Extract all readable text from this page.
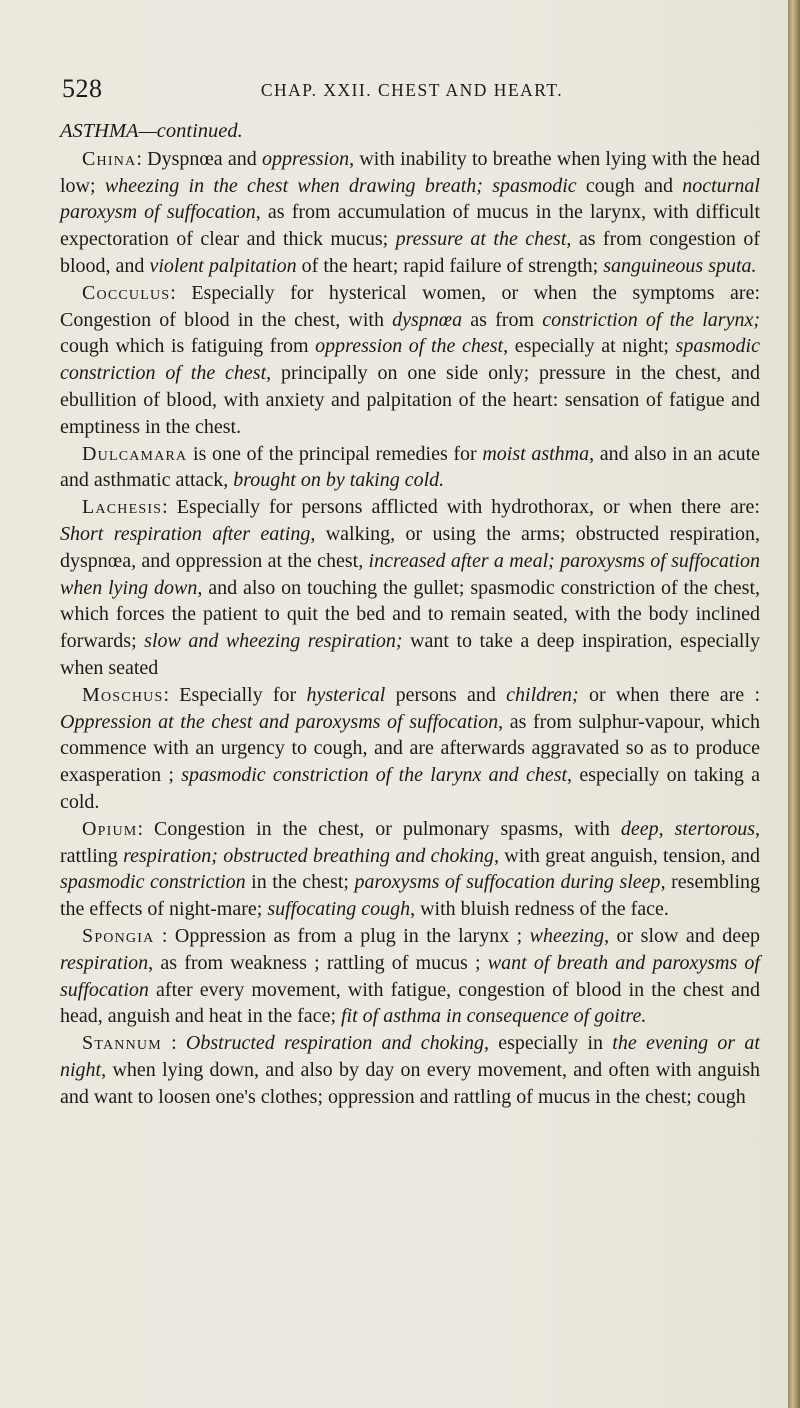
528	CHAP. XXII. CHEST AND HEART.

ASTHMA—continued.

China: Dyspnœa and oppression, with inability to breathe when lying with the head low; wheezing in the chest when drawing breath; spasmodic cough and nocturnal paroxysm of suffocation, as from accumulation of mucus in the larynx, with difficult expectoration of clear and thick mucus; pressure at the chest, as from congestion of blood, and violent palpitation of the heart; rapid failure of strength; sanguineous sputa.

Cocculus: Especially for hysterical women, or when the symptoms are: Congestion of blood in the chest, with dyspnœa as from constriction of the larynx; cough which is fatiguing from oppression of the chest, especially at night; spasmodic constriction of the chest, principally on one side only; pressure in the chest, and ebullition of blood, with anxiety and palpitation of the heart: sensation of fatigue and emptiness in the chest.

Dulcamara is one of the principal remedies for moist asthma, and also in an acute and asthmatic attack, brought on by taking cold.

Lachesis: Especially for persons afflicted with hydrothorax, or when there are: Short respiration after eating, walking, or using the arms; obstructed respiration, dyspnœa, and oppression at the chest, increased after a meal; paroxysms of suffocation when lying down, and also on touching the gullet; spasmodic constriction of the chest, which forces the patient to quit the bed and to remain seated, with the body inclined forwards; slow and wheezing respiration; want to take a deep inspiration, especially when seated

Moschus: Especially for hysterical persons and children; or when there are : Oppression at the chest and paroxysms of suffocation, as from sulphur-vapour, which commence with an urgency to cough, and are afterwards aggravated so as to produce exasperation ; spasmodic constriction of the larynx and chest, especially on taking a cold.

Opium: Congestion in the chest, or pulmonary spasms, with deep, stertorous, rattling respiration; obstructed breathing and choking, with great anguish, tension, and spasmodic constriction in the chest; paroxysms of suffocation during sleep, resembling the effects of night-mare; suffocating cough, with bluish redness of the face.

Spongia : Oppression as from a plug in the larynx ; wheezing, or slow and deep respiration, as from weakness ; rattling of mucus ; want of breath and paroxysms of suffocation after every movement, with fatigue, congestion of blood in the chest and head, anguish and heat in the face; fit of asthma in consequence of goitre.

Stannum : Obstructed respiration and choking, especially in the evening or at night, when lying down, and also by day on every movement, and often with anguish and want to loosen one's clothes; oppression and rattling of mucus in the chest; cough
